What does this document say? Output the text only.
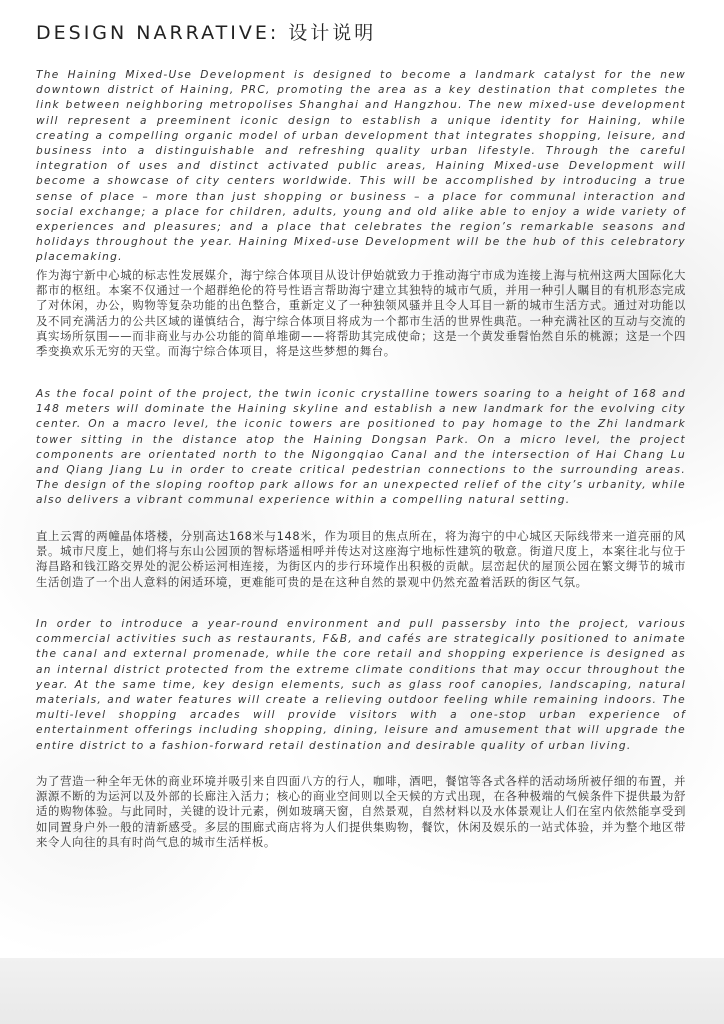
DESIGN NARRATIVE: 设计说明

The Haining Mixed-Use Development is designed to become a landmark catalyst for the new downtown district of Haining, PRC, promoting the area as a key destination that completes the link between neighboring metropolises Shanghai and Hangzhou. The new mixed-use development will represent a preeminent iconic design to establish a unique identity for Haining, while creating a compelling organic model of urban development that integrates shopping, leisure, and business into a distinguishable and refreshing quality urban lifestyle. Through the careful integration of uses and distinct activated public areas, Haining Mixed-use Development will become a showcase of city centers worldwide. This will be accomplished by introducing a true sense of place – more than just shopping or business – a place for communal interaction and social exchange; a place for children, adults, young and old alike able to enjoy a wide variety of experiences and pleasures; and a place that celebrates the region’s remarkable seasons and holidays throughout the year. Haining Mixed-use Development will be the hub of this celebratory placemaking.

作为海宁新中心城的标志性发展媒介，海宁综合体项目从设计伊始就致力于推动海宁市成为连接上海与杭州这两大国际化大都市的枢纽。本案不仅通过一个超群绝伦的符号性语言帮助海宁建立其独特的城市气质，并用一种引人瞩目的有机形态完成了对休闲，办公，购物等复杂功能的出色整合，重新定义了一种独领风骚并且令人耳目一新的城市生活方式。通过对功能以及不同充满活力的公共区域的谨慎结合，海宁综合体项目将成为一个都市生活的世界性典范。一种充满社区的互动与交流的真实场所氛围——而非商业与办公功能的简单堆砌——将帮助其完成使命；这是一个黄发垂髫怡然自乐的桃源；这是一个四季变换欢乐无穷的天堂。而海宁综合体项目，将是这些梦想的舞台。

As the focal point of the project, the twin iconic crystalline towers soaring to a height of 168 and 148 meters will dominate the Haining skyline and establish a new landmark for the evolving city center. On a macro level, the iconic towers are positioned to pay homage to the Zhi landmark tower sitting in the distance atop the Haining Dongsan Park. On a micro level, the project components are orientated north to the Nigongqiao Canal and the intersection of Hai Chang Lu and Qiang Jiang Lu in order to create critical pedestrian connections to the surrounding areas. The design of the sloping rooftop park allows for an unexpected relief of the city’s urbanity, while also delivers a vibrant communal experience within a compelling natural setting.

直上云霄的两幢晶体塔楼，分别高达168米与148米，作为项目的焦点所在，将为海宁的中心城区天际线带来一道亮丽的风景。城市尺度上，她们将与东山公园顶的智标塔遥相呼并传达对这座海宁地标性建筑的敬意。街道尺度上，本案往北与位于海昌路和钱江路交界处的泥公桥运河相连接，为街区内的步行环境作出积极的贡献。层峦起伏的屋顶公园在繁文缛节的城市生活创造了一个出人意料的闲适环境，更难能可贵的是在这种自然的景观中仍然充盈着活跃的街区气氛。

In order to introduce a year-round environment and pull passersby into the project, various commercial activities such as restaurants, F&B, and cafés are strategically positioned to animate the canal and external promenade, while the core retail and shopping experience is designed as an internal district protected from the extreme climate conditions that may occur throughout the year. At the same time, key design elements, such as glass roof canopies, landscaping, natural materials, and water features will create a relieving outdoor feeling while remaining indoors. The multi-level shopping arcades will provide visitors with a one-stop urban experience of entertainment offerings including shopping, dining, leisure and amusement that will upgrade the entire district to a fashion-forward retail destination and desirable quality of urban living.

为了营造一种全年无休的商业环境并吸引来自四面八方的行人，咖啡，酒吧，餐馆等各式各样的活动场所被仔细的布置，并源源不断的为运河以及外部的长廊注入活力；核心的商业空间则以全天候的方式出现，在各种极端的气候条件下提供最为舒适的购物体验。与此同时，关键的设计元素，例如玻璃天窗，自然景观，自然材料以及水体景观让人们在室内依然能享受到如同置身户外一般的清新感受。多层的围廊式商店将为人们提供集购物，餐饮，休闲及娱乐的一站式体验，并为整个地区带来令人向往的具有时尚气息的城市生活样板。
